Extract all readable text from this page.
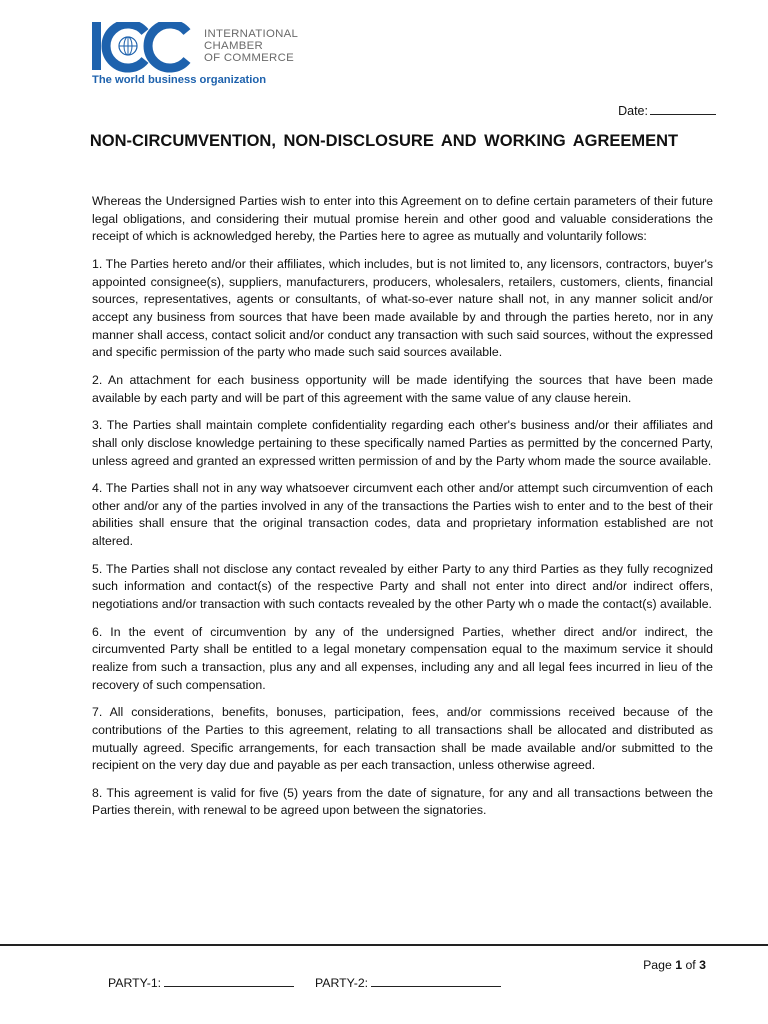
INTERNATIONAL
CHAMBER
OF COMMERCE
The world business organization
Date:
NON-CIRCUMVENTION, NON-DISCLOSURE AND WORKING AGREEMENT

Whereas the Undersigned Parties wish to enter into this Agreement on to define certain parameters of their future legal obligations, and considering their mutual promise herein and other good and valuable considerations the receipt of which is acknowledged hereby, the Parties here to agree as mutually and voluntarily follows:

1. The Parties hereto and/or their affiliates, which includes, but is not limited to, any licensors, contractors, buyer's appointed consignee(s), suppliers, manufacturers, producers, wholesalers, retailers, customers, clients, financial sources, representatives, agents or consultants, of what-so-ever nature shall not, in any manner solicit and/or accept any business from sources that have been made available by and through the parties hereto, nor in any manner shall access, contact solicit and/or conduct any transaction with such said sources, without the expressed and specific permission of the party who made such said sources available.

2. An attachment for each business opportunity will be made identifying the sources that have been made available by each party and will be part of this agreement with the same value of any clause herein.

3. The Parties shall maintain complete confidentiality regarding each other's business and/or their affiliates and shall only disclose knowledge pertaining to these specifically named Parties as permitted by the concerned Party, unless agreed and granted an expressed written permission of and by the Party whom made the source available.

4. The Parties shall not in any way whatsoever circumvent each other and/or attempt such circumvention of each other and/or any of the parties involved in any of the transactions the Parties wish to enter and to the best of their abilities shall ensure that the original transaction codes, data and proprietary information established are not altered.

5. The Parties shall not disclose any contact revealed by either Party to any third Parties as they fully recognized such information and contact(s) of the respective Party and shall not enter into direct and/or indirect offers, negotiations and/or transaction with such contacts revealed by the other Party wh o made the contact(s) available.

6. In the event of circumvention by any of the undersigned Parties, whether direct and/or indirect, the circumvented Party shall be entitled to a legal monetary compensation equal to the maximum service it should realize from such a transaction, plus any and all expenses, including any and all legal fees incurred in lieu of the recovery of such compensation.

7. All considerations, benefits, bonuses, participation, fees, and/or commissions received because of the contributions of the Parties to this agreement, relating to all transactions shall be allocated and distributed as mutually agreed. Specific arrangements, for each transaction shall be made available and/or submitted to the recipient on the very day due and payable as per each transaction, unless otherwise agreed.

8. This agreement is valid for five (5) years from the date of signature, for any and all transactions between the Parties therein, with renewal to be agreed upon between the signatories.

Page 1 of 3
PARTY-1:	PARTY-2:
